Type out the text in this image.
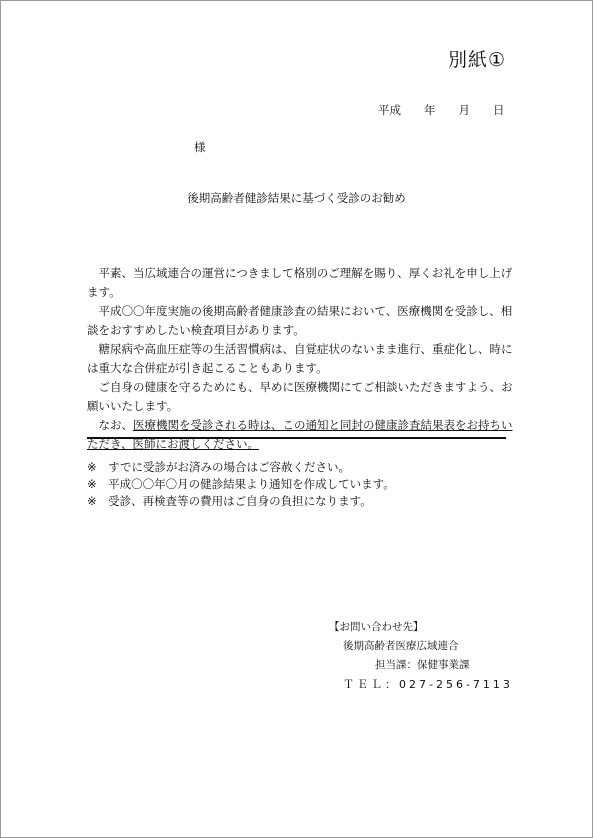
別紙①
平成　　年　　月　　日
様
後期高齢者健診結果に基づく受診のお勧め

平素、当広域連合の運営につきまして格別のご理解を賜り、厚くお礼を申し上げます。

平成〇〇年度実施の後期高齢者健康診査の結果において、医療機関を受診し、相談をおすすめしたい検査項目があります。

糖尿病や高血圧症等の生活習慣病は、自覚症状のないまま進行、重症化し、時には重大な合併症が引き起こることもあります。

ご自身の健康を守るためにも、早めに医療機関にてご相談いただきますよう、お願いいたします。

なお、医療機関を受診される時は、この通知と同封の健康診査結果表をお持ちいただき、医師にお渡しください。

※　すでに受診がお済みの場合はご容赦ください。

※　平成〇〇年〇月の健診結果より通知を作成しています。

※　受診、再検査等の費用はご自身の負担になります。

【お問い合わせ先】

後期高齢者医療広域連合

担当課：保健事業課

ＴＥＬ：027-256-7113
